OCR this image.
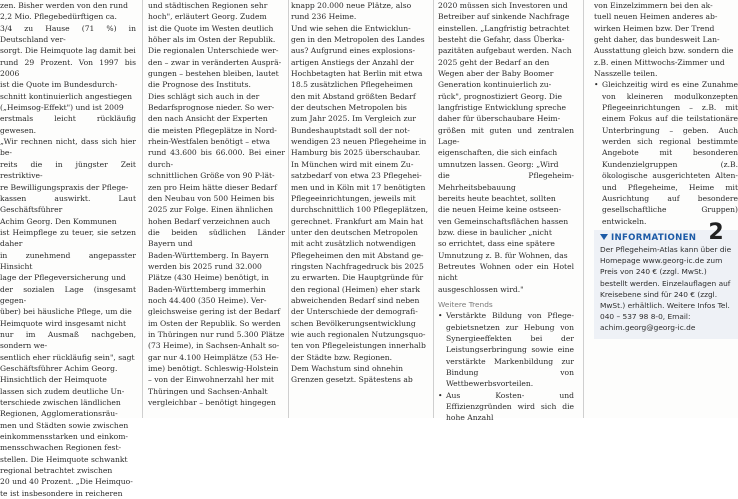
zen. Bisher werden von den rund

2,2 Mio. Pflegebedürftigen ca.

3/4 zu Hause (71 %) in Deutschland ver-

sorgt. Die Heimquote lag damit bei

rund 29 Prozent. Von 1997 bis 2006

ist die Quote im Bundesdurch-

schnitt kontinuierlich angestiegen

(„Heimsog-Effekt") und ist 2009

erstmals leicht rückläufig gewesen.

„Wir rechnen nicht, dass sich hier be-

reits die in jüngster Zeit restriktive-

re Bewilligungspraxis der Pflege-

kassen auswirkt. Laut Geschäftsführer

Achim Georg. Den Kommunen

ist Heimpflege zu teuer, sie setzen daher

in zunehmend angepasster Hinsicht

lage der Pflegeversicherung und

der sozialen Lage (insgesamt gegen-

über) bei häusliche Pflege, um die

Heimquote wird insgesamt nicht

nur im Ausmaß nachgeben, sondern we-

sentlich eher rückläufig sein", sagt

Geschäftsführer Achim Georg.

Hinsichtlich der Heimquote

lassen sich zudem deutliche Un-

terschiede zwischen ländlichen

Regionen, Agglomerationsräu-

men und Städten sowie zwischen

einkommensstarken und einkom-

mensschwachen Regionen fest-

stellen. Die Heimquote schwankt

regional betrachtet zwischen

20 und 40 Prozent. „Die Heimquo-

te ist insbesondere in reicheren

und städtischen Regionen sehr

hoch", erläutert Georg. Zudem

ist die Quote im Westen deutlich

höher als im Osten der Republik.

Die regionalen Unterschiede wer-

den – zwar in veränderten Ausprä-

gungen – bestehen bleiben, lautet

die Prognose des Instituts.

Dies schlägt sich auch in der

Bedarfsprognose nieder. So wer-

den nach Ansicht der Experten

die meisten Pflegeplätze in Nord-

rhein-Westfalen benötigt – etwa

rund 43.600 bis 66.000. Bei einer durch-

schnittlichen Größe von 90 P-lät-

zen pro Heim hätte dieser Bedarf

den Neubau von 500 Heimen bis

2025 zur Folge. Einen ähnlichen

hohen Bedarf verzeichnen auch

die beiden südlichen Länder Bayern und

Baden-Württemberg. In Bayern

werden bis 2025 rund 32.000

Plätze (430 Heime) benötigt, in

Baden-Württemberg immerhin

noch 44.400 (350 Heime). Ver-

gleichsweise gering ist der Bedarf

im Osten der Republik. So werden

in Thüringen nur rund 5.300 Plätze

(73 Heime), in Sachsen-Anhalt so-

gar nur 4.100 Heimplätze (53 He-

ime) benötigt. Schleswig-Holstein

– von der Einwohnerzahl her mit

Thüringen und Sachsen-Anhalt

vergleichbar – benötigt hingegen

knapp 20.000 neue Plätze, also

rund 236 Heime.

Und wie sehen die Entwicklun-

gen in den Metropolen des Landes

aus? Aufgrund eines explosions-

artigen Anstiegs der Anzahl der

Hochbetagten hat Berlin mit etwa

18.5 zusätzlichen Pflegeheimen

den mit Abstand größten Bedarf

der deutschen Metropolen bis

zum Jahr 2025. Im Vergleich zur

Bundeshauptstadt soll der not-

wendigen 23 neuen Pflegeheime in

Hamburg bis 2025 überschaubar.

In München wird mit einem Zu-

satzbedarf von etwa 23 Pflegehei-

men und in Köln mit 17 benötigten

Pflegeeinrichtungen, jeweils mit

durchschnittlich 100 Pflegeplätzen,

gerechnet. Frankfurt am Main hat

unter den deutschen Metropolen

mit acht zusätzlich notwendigen

Pflegeheimen den mit Abstand ge-

ringsten Nachfragedruck bis 2025

zu erwarten. Die Hauptgründe für

den regional (Heimen) eher stark

abweichenden Bedarf sind neben

der Unterschiede der demografi-

schen Bevölkerungsentwicklung

wie auch regionalen Nutzungsquo-

ten von Pflegeleistungen innerhalb

der Städte bzw. Regionen.

Dem Wachstum sind ohnehin

Grenzen gesetzt. Spätestens ab

2020 müssen sich Investoren und

Betreiber auf sinkende Nachfrage

einstellen. „Langfristig betrachtet

besteht die Gefahr, dass Überka-

pazitäten aufgebaut werden. Nach

2025 geht der Bedarf an den

Wegen aber der Baby Boomer

Generation kontinuierlich zu-

rück", prognostiziert Georg. Die

langfristige Entwicklung spreche

daher für überschaubare Heim-

größen mit guten und zentralen Lage-

eigenschaften, die sich einfach

umnutzen lassen. Georg: „Wird

die Pflegeheim-Mehrheitsbebauung

bereits heute beachtet, sollten

die neuen Heime keine ostseen-

ven Gemeinschaftsflächen hassen

bzw. diese in baulicher „nicht

so errichtet, dass eine spätere

Umnutzung z. B. für Wohnen, das

Betreutes Wohnen oder ein Hotel nicht

ausgeschlossen wird."

Weitere Trends

• Verstärkte Bildung von Pflege-gebietsnetzen zur Hebung von Synergieeffekten bei der Leistungserbringung sowie eine verstärkte Markenbildung zur Bindung von Wettbewerbsvorteilen.
• Aus Kosten- und Effizienzgründen wird sich die hohe Anzahl

von Einzelzimmern bei den ak-

tuell neuen Heimen anderes ab-

wirken Heimen bzw. Der Trend

geht daher, das bundesweit Lan-

Ausstattung gleich bzw. sondern die

z.B. einen Mittwochs-Zimmer und

Nasszelle teilen.

• Gleichzeitig wird es eine Zunahme von kleineren modulkonzepten Pflegeeinrichtungen – z.B. mit einem Fokus auf die teilstationäre Unterbringung – geben. Auch werden sich regional bestimmte Angebote mit besonderen Kundenzielgruppen (z.B. ökologische ausgerichteten Alten- und Pflegeheime, Heime mit Ausrichtung auf besondere gesellschaftliche Gruppen) entwickeln.
INFORMATIONEN 2

Der Pflegeheim-Atlas kann über die Homepage www.georg-ic.de zum Preis von 240 € (zzgl. MwSt.) bestellt werden. Einzelauflagen auf Kreisebene sind für 240 € (zzgl. MwSt.) erhältlich. Weitere Infos Tel. 040 – 537 98 8-0, Email: achim.georg@georg-ic.de
